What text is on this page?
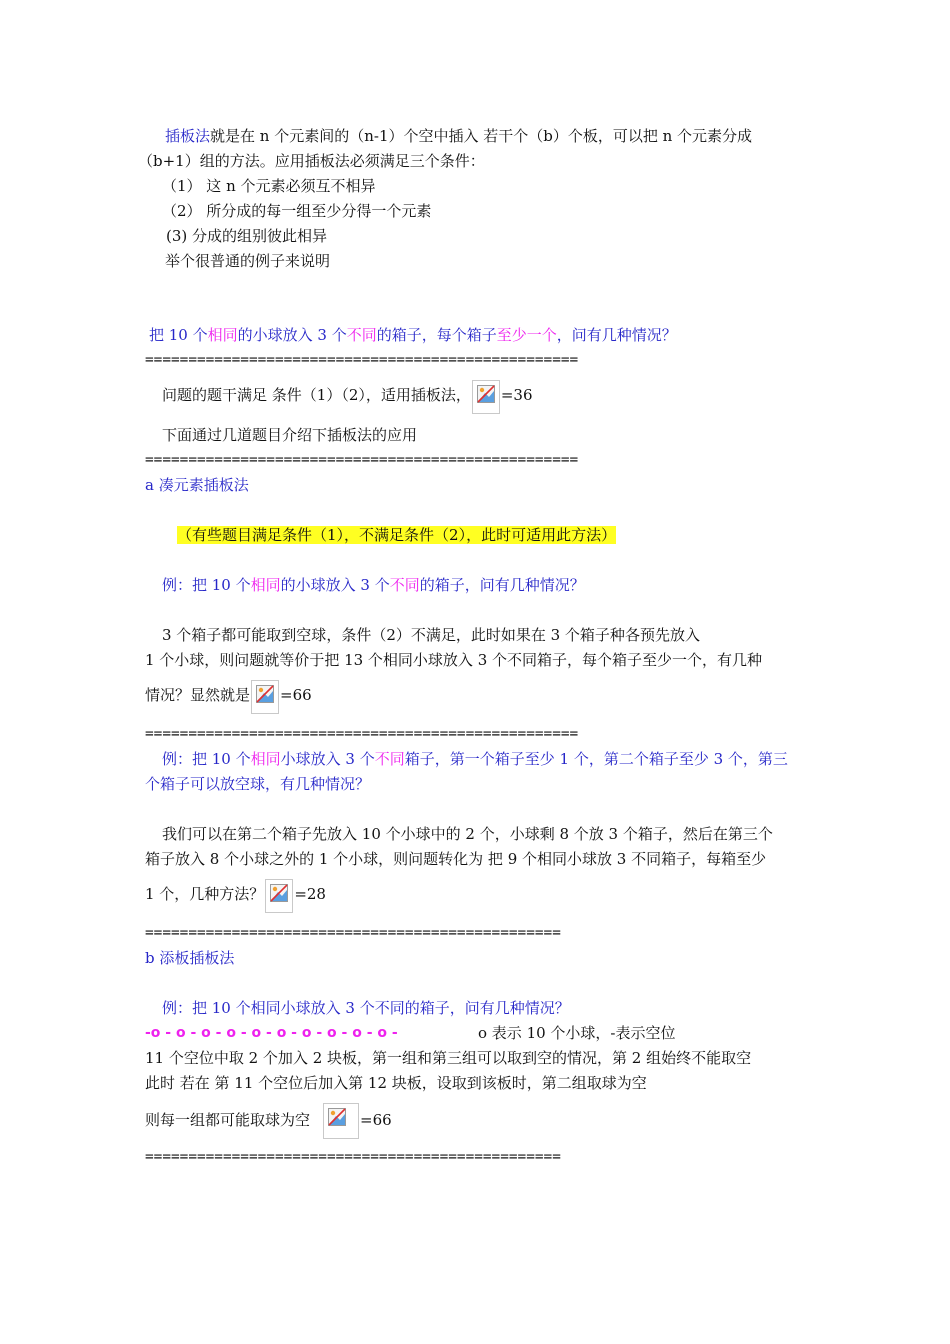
插板法就是在 n 个元素间的（n-1）个空中插入 若干个（b）个板，可以把 n 个元素分成
（b+1）组的方法。应用插板法必须满足三个条件：
（1） 这 n 个元素必须互不相异
（2） 所分成的每一组至少分得一个元素
(3) 分成的组别彼此相异
举个很普通的例子来说明
把 10 个相同的小球放入 3 个不同的箱子，每个箱子至少一个，问有几种情况？
==================================================
问题的题干满足 条件（1）（2），适用插板法， =36
下面通过几道题目介绍下插板法的应用
==================================================
a 凑元素插板法
（有些题目满足条件（1），不满足条件（2），此时可适用此方法）
例：把 10 个相同的小球放入 3 个不同的箱子，问有几种情况？
3 个箱子都可能取到空球，条件（2）不满足，此时如果在 3 个箱子种各预先放入
1 个小球，则问题就等价于把 13 个相同小球放入 3 个不同箱子，每个箱子至少一个，有几种
情况？显然就是 =66
==================================================
例：把 10 个相同小球放入 3 个不同箱子，第一个箱子至少 1 个，第二个箱子至少 3 个，第三
个箱子可以放空球，有几种情况？
我们可以在第二个箱子先放入 10 个小球中的 2 个，小球剩 8 个放 3 个箱子，然后在第三个
箱子放入 8 个小球之外的 1 个小球，则问题转化为 把 9 个相同小球放 3 不同箱子，每箱至少
1 个，几种方法？ =28
================================================
b 添板插板法
例：把 10 个相同小球放入 3 个不同的箱子，问有几种情况？
-o - o - o - o - o - o - o - o - o - o -	o 表示 10 个小球，-表示空位
11 个空位中取 2 个加入 2 块板，第一组和第三组可以取到空的情况，第 2 组始终不能取空
此时 若在 第 11 个空位后加入第 12 块板，设取到该板时，第二组取球为空
则每一组都可能取球为空	=66
================================================
